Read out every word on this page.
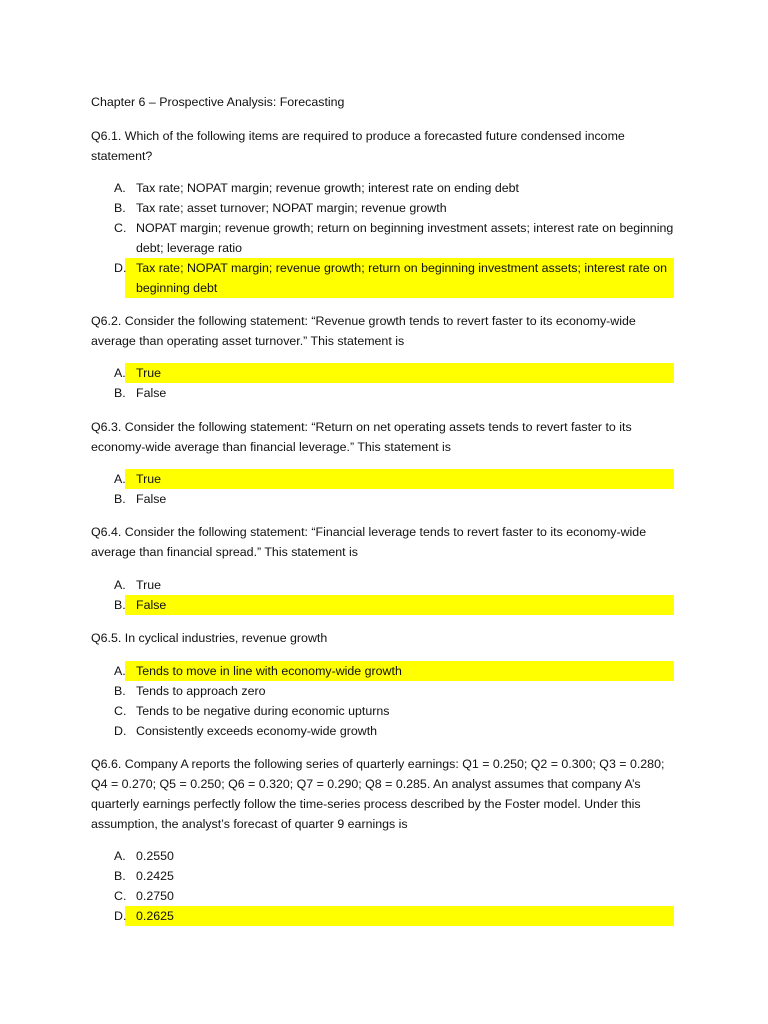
Chapter 6 – Prospective Analysis: Forecasting
Q6.1. Which of the following items are required to produce a forecasted future condensed income statement?
A. Tax rate; NOPAT margin; revenue growth; interest rate on ending debt
B. Tax rate; asset turnover; NOPAT margin; revenue growth
C. NOPAT margin; revenue growth; return on beginning investment assets; interest rate on beginning debt; leverage ratio
D. Tax rate; NOPAT margin; revenue growth; return on beginning investment assets; interest rate on beginning debt
Q6.2. Consider the following statement: “Revenue growth tends to revert faster to its economy-wide average than operating asset turnover.” This statement is
A. True
B. False
Q6.3. Consider the following statement: “Return on net operating assets tends to revert faster to its economy-wide average than financial leverage.” This statement is
A. True
B. False
Q6.4. Consider the following statement: “Financial leverage tends to revert faster to its economy-wide average than financial spread.” This statement is
A. True
B. False
Q6.5. In cyclical industries, revenue growth
A. Tends to move in line with economy-wide growth
B. Tends to approach zero
C. Tends to be negative during economic upturns
D. Consistently exceeds economy-wide growth
Q6.6. Company A reports the following series of quarterly earnings: Q1 = 0.250; Q2 = 0.300; Q3 = 0.280; Q4 = 0.270; Q5 = 0.250; Q6 = 0.320; Q7 = 0.290; Q8 = 0.285. An analyst assumes that company A’s quarterly earnings perfectly follow the time-series process described by the Foster model. Under this assumption, the analyst’s forecast of quarter 9 earnings is
A. 0.2550
B. 0.2425
C. 0.2750
D. 0.2625
